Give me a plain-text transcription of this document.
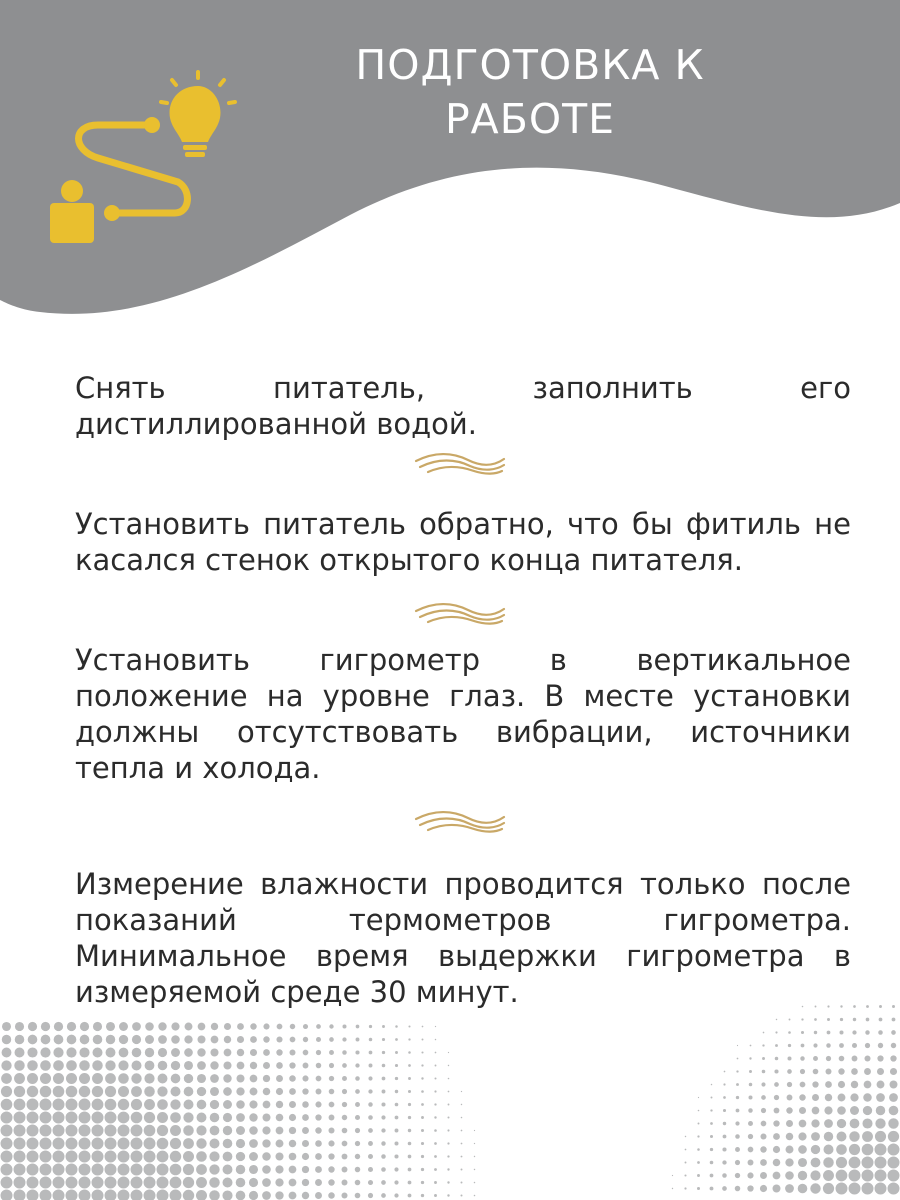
ПОДГОТОВКА К
РАБОТЕ

Снять питатель, заполнить его дистиллированной водой.

Установить питатель обратно, что бы фитиль не касался стенок открытого конца питателя.

Установить гигрометр в вертикальное положение на уровне глаз. В месте установки должны отсутствовать вибрации, источники тепла и холода.

Измерение влажности проводится только после показаний термометров гигрометра. Минимальное время выдержки гигрометра в измеряемой среде 30 минут.
